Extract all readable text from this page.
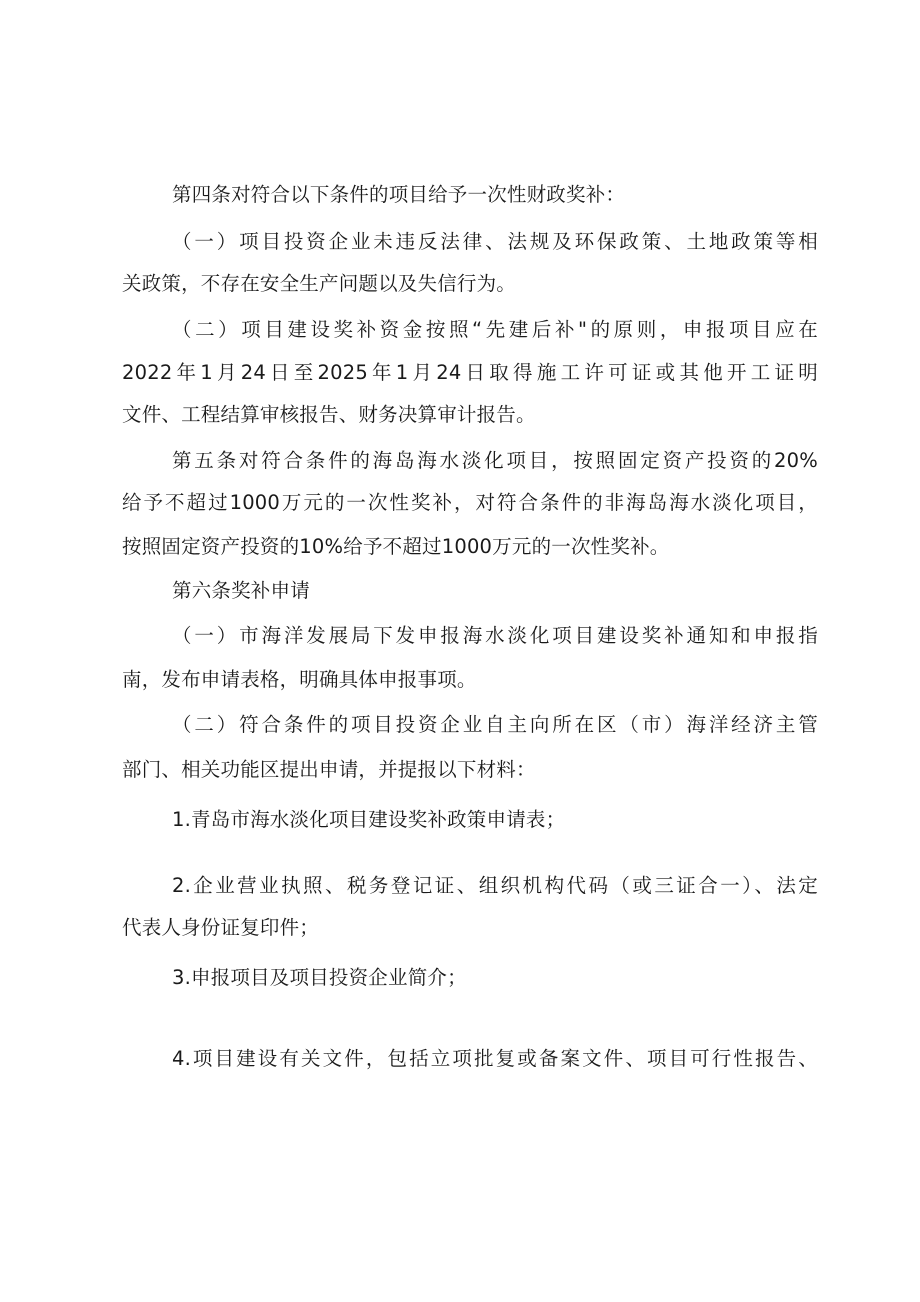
第四条对符合以下条件的项目给予一次性财政奖补：
（一）项目投资企业未违反法律、法规及环保政策、土地政策等相
关政策，不存在安全生产问题以及失信行为。
（二）项目建设奖补资金按照“先建后补"的原则，申报项目应在
2022年1月24日至2025年1月24日取得施工许可证或其他开工证明
文件、工程结算审核报告、财务决算审计报告。
第五条对符合条件的海岛海水淡化项目，按照固定资产投资的20%
给予不超过1000万元的一次性奖补，对符合条件的非海岛海水淡化项目，
按照固定资产投资的10%给予不超过1000万元的一次性奖补。
第六条奖补申请
（一）市海洋发展局下发申报海水淡化项目建设奖补通知和申报指
南，发布申请表格，明确具体申报事项。
（二）符合条件的项目投资企业自主向所在区（市）海洋经济主管
部门、相关功能区提出申请，并提报以下材料：
1.青岛市海水淡化项目建设奖补政策申请表；
2.企业营业执照、税务登记证、组织机构代码（或三证合一）、法定
代表人身份证复印件；
3.申报项目及项目投资企业简介；
4.项目建设有关文件，包括立项批复或备案文件、项目可行性报告、
